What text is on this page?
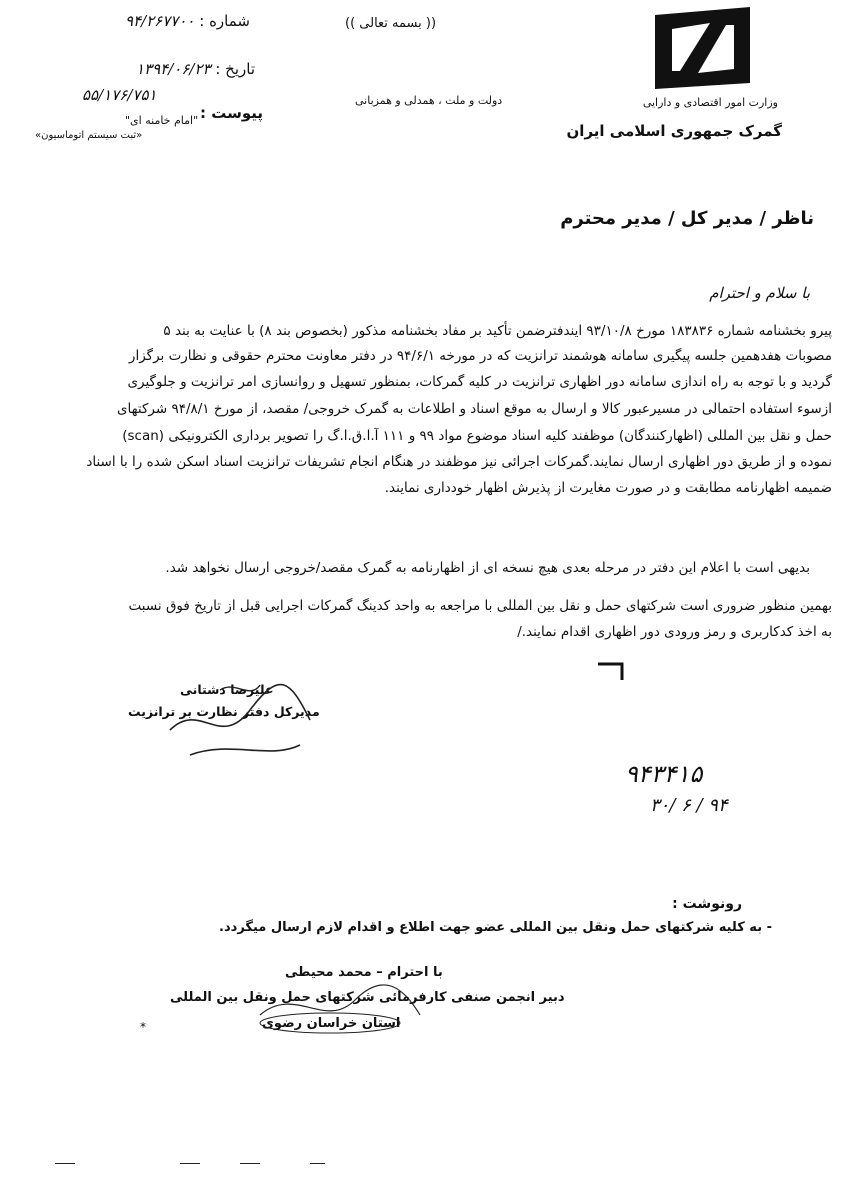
وزارت امور اقتصادی و دارایی
گمرک جمهوری اسلامی ایران
(( بسمه تعالی ))
دولت و ملت ، همدلی و همزبانی
شماره : ۹۴/۲۶۷۷۰۰
تاریخ : ۱۳۹۴/۰۶/۲۳
۵۵/۱۷۶/۷۵۱
پیوست :
"امام خامنه ای"
«ثبت سیستم اتوماسیون»
ناظر / مدیر کل / مدیر محترم
با سلام و احترام
پیرو بخشنامه شماره ۱۸۳۸۳۶ مورخ ۹۳/۱۰/۸ ایندفترضمن تأکید بر مفاد بخشنامه مذکور (بخصوص بند ۸) با عنایت به بند ۵
مصوبات هفدهمین جلسه پیگیری سامانه هوشمند ترانزیت که در مورخه ۹۴/۶/۱ در دفتر معاونت محترم حقوقی و نظارت برگزار
گردید و با توجه به راه اندازی سامانه دور اظهاری ترانزیت در کلیه گمرکات، بمنظور تسهیل و روانسازی امر ترانزیت و جلوگیری
ازسوء استفاده احتمالی در مسیرعبور کالا و ارسال به موقع اسناد و اطلاعات به گمرک خروجی/ مقصد، از مورخ ۹۴/۸/۱ شرکتهای
حمل و نقل بین المللی (اظهارکنندگان) موظفند کلیه اسناد موضوع مواد ۹۹ و ۱۱۱ آ.ا.ق.ا.گ را تصویر برداری الکترونیکی (scan)
نموده و از طریق دور اظهاری ارسال نمایند.گمرکات اجرائی نیز موظفند در هنگام انجام تشریفات ترانزیت اسناد اسکن شده را با اسناد
ضمیمه اظهارنامه مطابقت و در صورت مغایرت از پذیرش اظهار خودداری نمایند.
بدیهی است با اعلام این دفتر در مرحله بعدی هیچ نسخه ای از اظهارنامه به گمرک مقصد/خروجی ارسال نخواهد شد.
بهمین منظور ضروری است شرکتهای حمل و نقل بین المللی با مراجعه به واحد کدینگ گمرکات اجرایی قبل از تاریخ فوق نسبت
به اخذ کدکاربری و رمز ورودی دور اظهاری اقدام نمایند./
علیرضا دشتانی
مدیرکل دفتر نظارت بر ترانزیت
۹۴۳۴۱۵
۳۰/ ۶ / ۹۴
رونوشت :
- به کلیه شرکتهای حمل ونقل بین المللی عضو جهت اطلاع و اقدام لازم ارسال میگردد.
با احترام – محمد محیطی
دبیر انجمن صنفی کارفرمائی شرکتهای حمل ونقل بین المللی
استان خراسان رضوی
*
